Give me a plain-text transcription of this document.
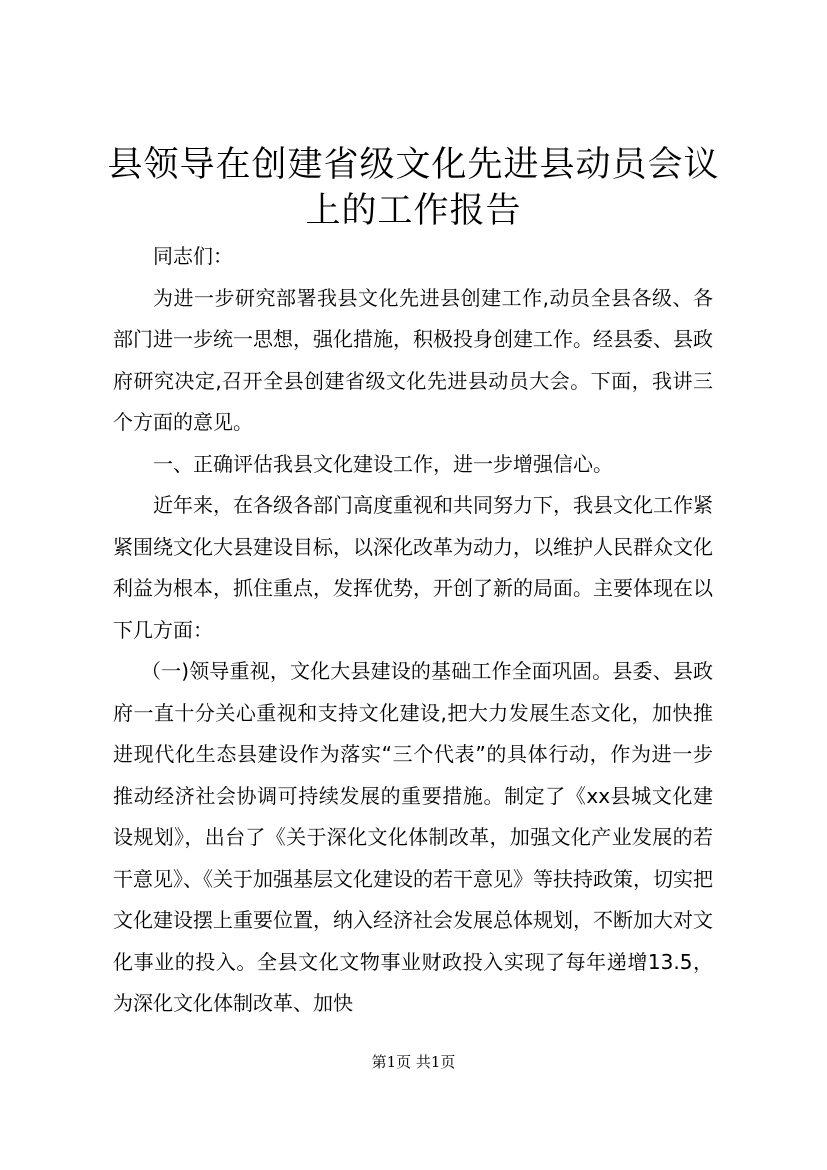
县领导在创建省级文化先进县动员会议上的工作报告

同志们：

为进一步研究部署我县文化先进县创建工作,动员全县各级、各部门进一步统一思想，强化措施，积极投身创建工作。经县委、县政府研究决定,召开全县创建省级文化先进县动员大会。下面，我讲三个方面的意见。

一、正确评估我县文化建设工作，进一步增强信心。

近年来，在各级各部门高度重视和共同努力下，我县文化工作紧紧围绕文化大县建设目标，以深化改革为动力，以维护人民群众文化利益为根本，抓住重点，发挥优势，开创了新的局面。主要体现在以下几方面：

（一)领导重视，文化大县建设的基础工作全面巩固。县委、县政府一直十分关心重视和支持文化建设,把大力发展生态文化，加快推进现代化生态县建设作为落实“三个代表”的具体行动，作为进一步推动经济社会协调可持续发展的重要措施。制定了《xx县城文化建设规划》，出台了《关于深化文化体制改革，加强文化产业发展的若干意见》、《关于加强基层文化建设的若干意见》等扶持政策，切实把文化建设摆上重要位置，纳入经济社会发展总体规划，不断加大对文化事业的投入。全县文化文物事业财政投入实现了每年递增13.5，为深化文化体制改革、加快

第1页 共1页
